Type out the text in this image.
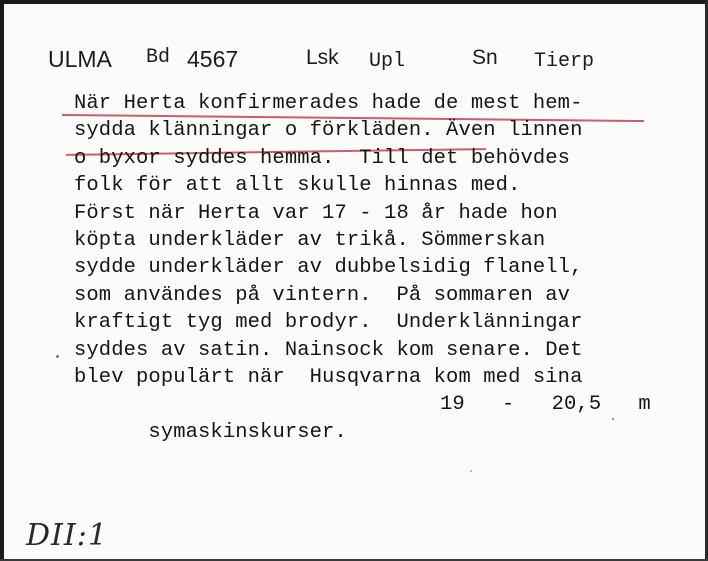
ULMA Bd 4567	Lsk Upl	Sn Tierp
När Herta konfirmerades hade de mest hem-
sydda klänningar o förkläden. Även linnen
o byxor syddes hemma.  Till det behövdes
folk för att allt skulle hinnas med.
Först när Herta var 17 - 18 år hade hon
köpta underkläder av trikå. Sömmerskan
sydde underkläder av dubbelsidig flanell,
som användes på vintern.  På sommaren av
kraftigt tyg med brodyr.  Underklänningar
syddes av satin. Nainsock kom senare. Det
blev populärt när  Husqvarna kom med sina

symaskinskurser.

19   -   20,5   m

DII:1
